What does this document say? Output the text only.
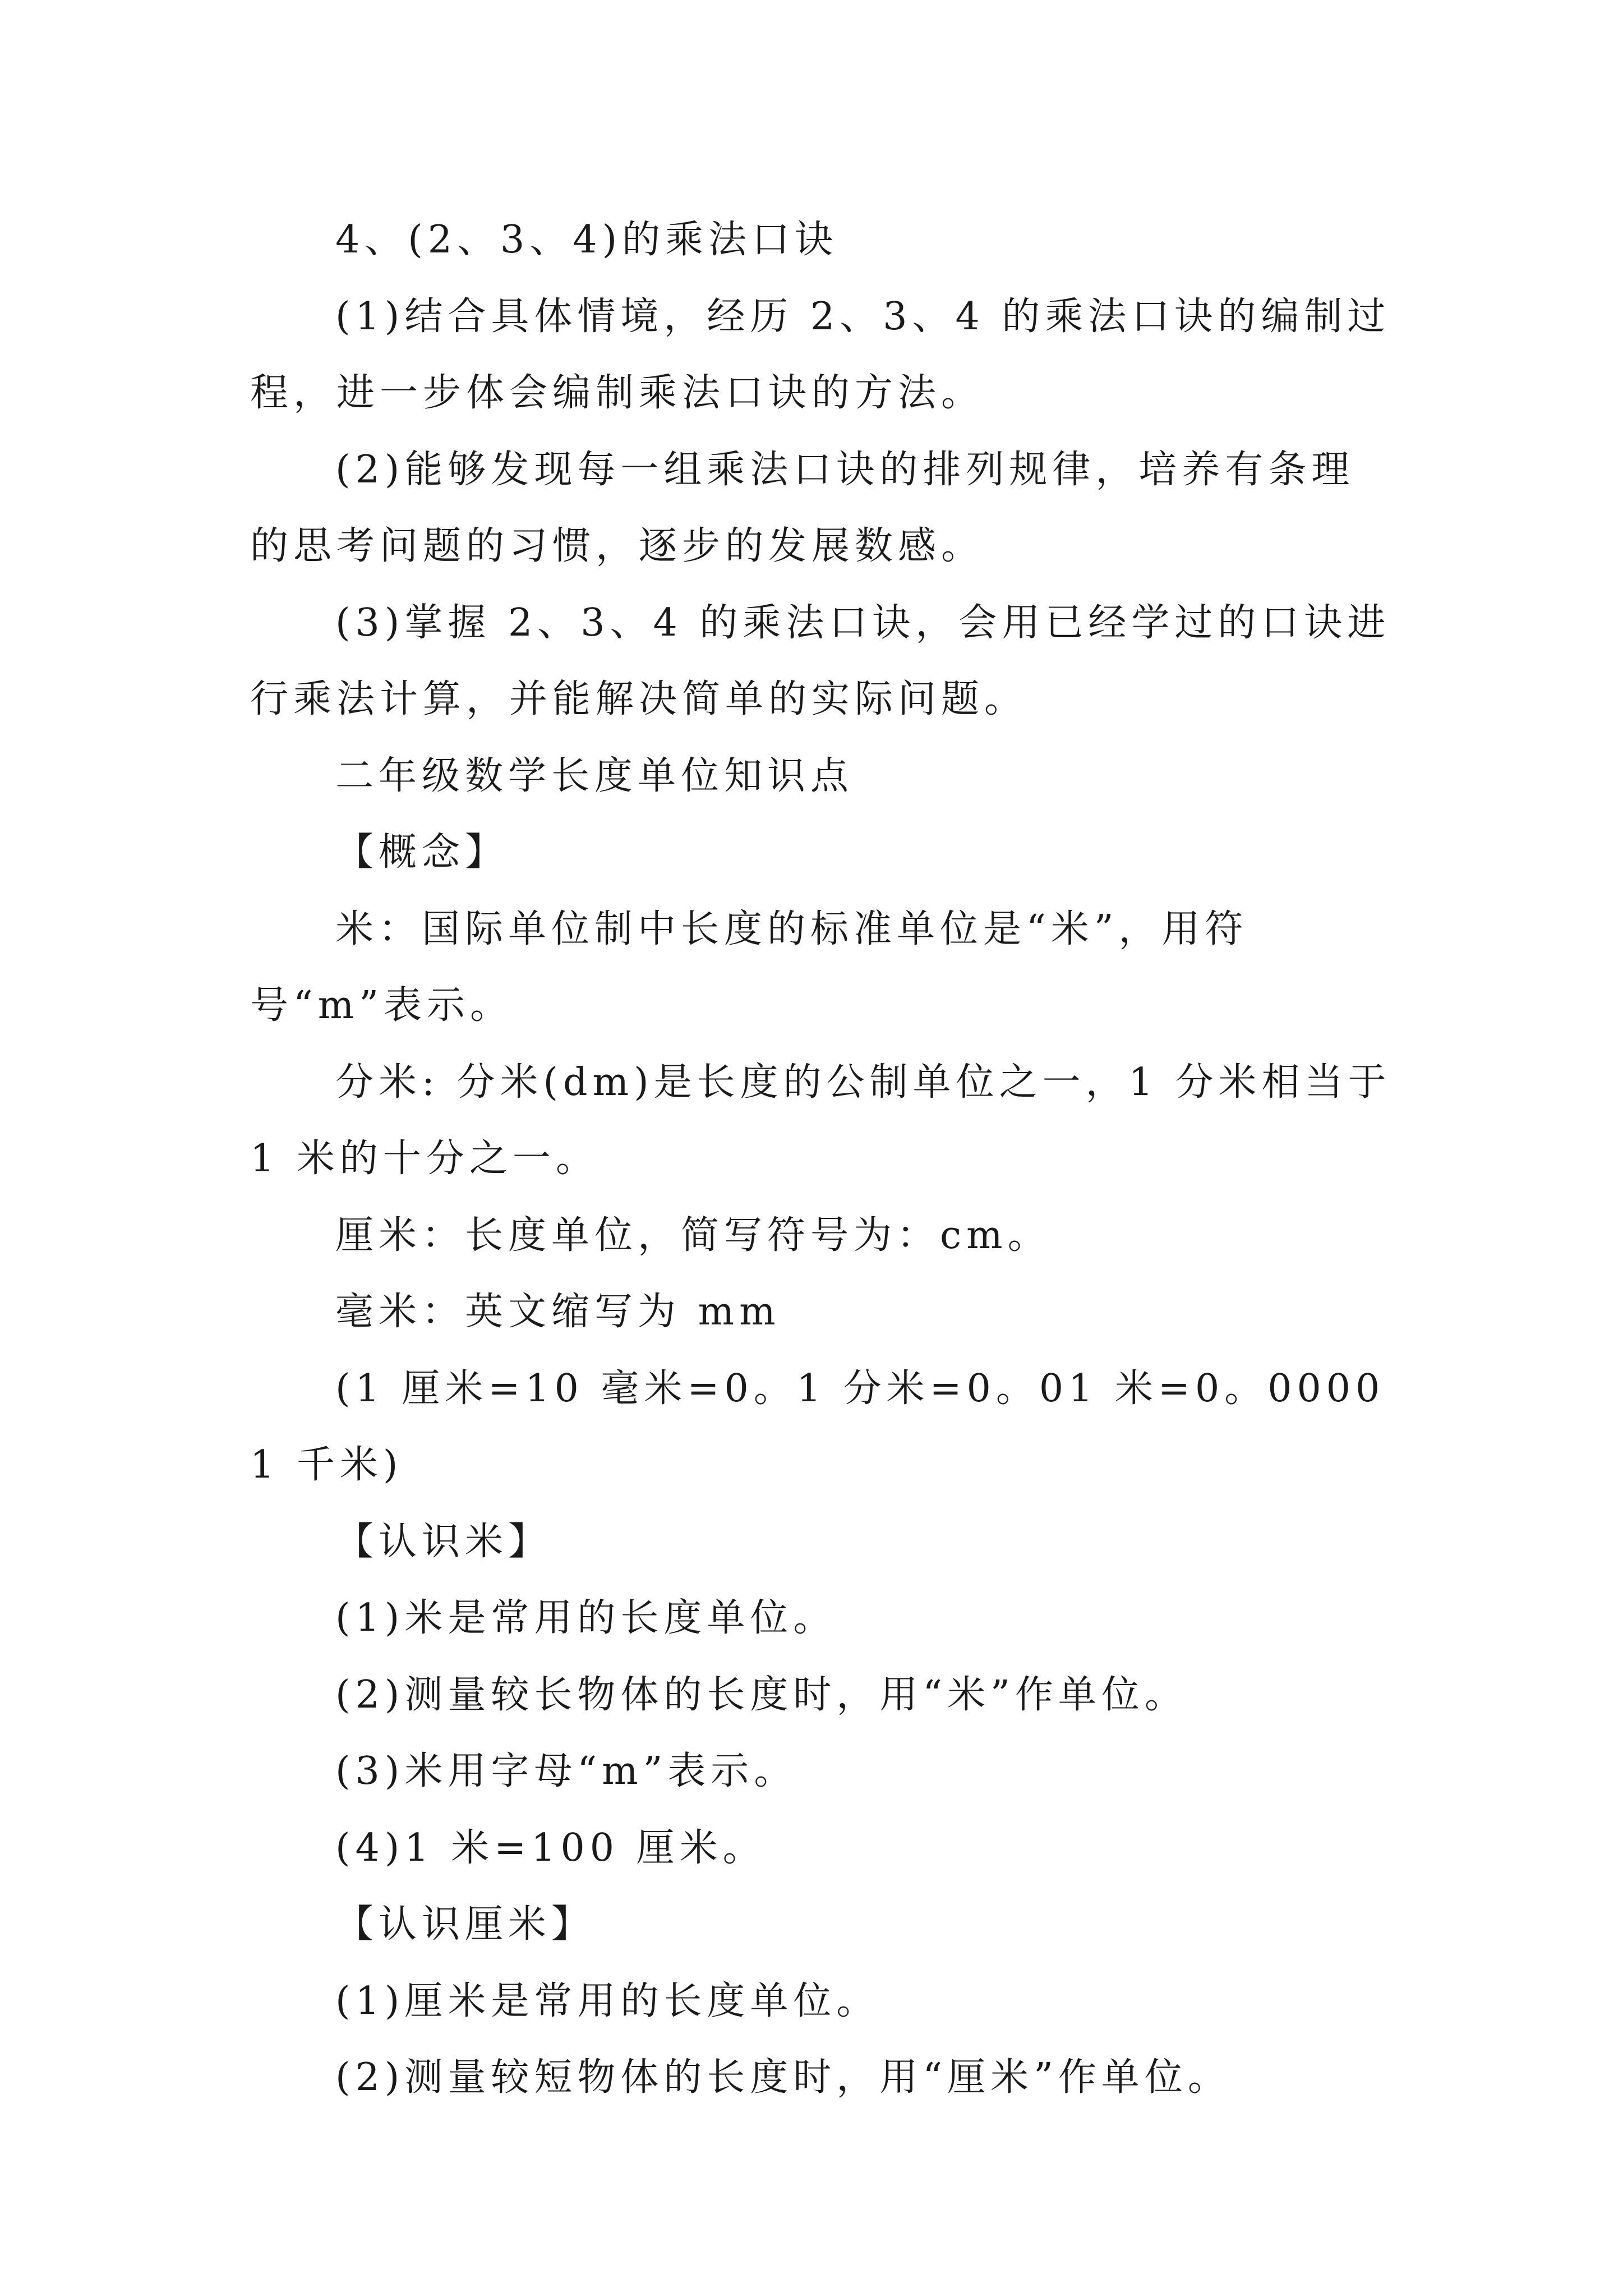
4、(2、3、4)的乘法口诀

(1)结合具体情境，经历 2、3、4 的乘法口诀的编制过程，进一步体会编制乘法口诀的方法。

(2)能够发现每一组乘法口诀的排列规律，培养有条理的思考问题的习惯，逐步的发展数感。

(3)掌握 2、3、4 的乘法口诀，会用已经学过的口诀进行乘法计算，并能解决简单的实际问题。

二年级数学长度单位知识点

【概念】

米：国际单位制中长度的标准单位是“米”，用符号“m”表示。

分米: 分米(dm)是长度的公制单位之一，1 分米相当于 1 米的十分之一。

厘米：长度单位，简写符号为：cm。

毫米：英文缩写为 mm

(1 厘米=10 毫米=0。1 分米=0。01 米=0。00001 千米)

【认识米】

(1)米是常用的长度单位。

(2)测量较长物体的长度时，用“米”作单位。

(3)米用字母“m”表示。

(4)1 米=100 厘米。

【认识厘米】

(1)厘米是常用的长度单位。

(2)测量较短物体的长度时，用“厘米”作单位。
